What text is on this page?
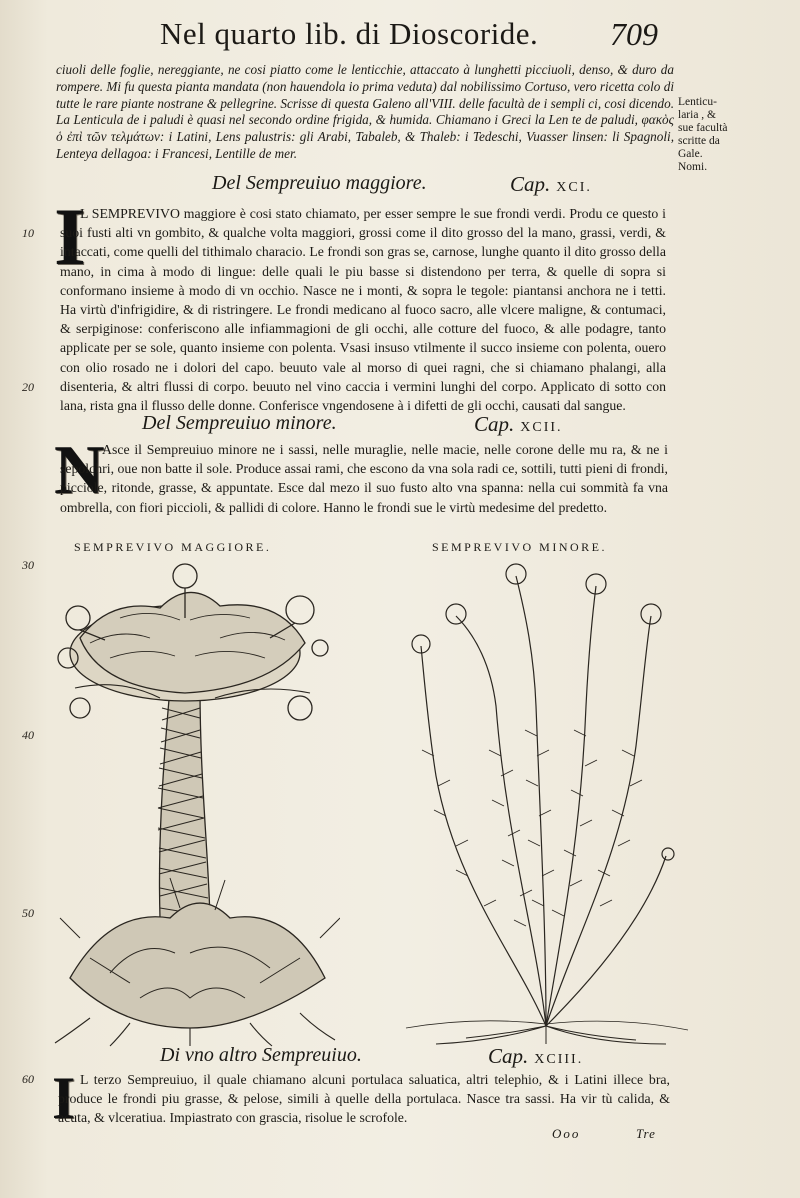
Nel quarto lib. di Dioscoride. 709
ciuoli delle foglie, nereggiante, ne cosi piatto come le lenticchie, attaccato à lunghetti picciuoli, denso, & duro da rompere. Mi fu questa pianta mandata (non hauendola io prima veduta) dal nobilissimo Cortuso, vero ricetta colo di tutte le rare piante nostrane & pellegrine. Scrisse di questa Galeno all'VIII. delle facultà de i sempli ci, cosi dicendo. La Lenticula de i paludi è quasi nel secondo ordine frigida, & humida. Chiamano i Greci la Len te de paludi, φακὸς ὁ ἐπὶ τῶν τελμάτων: i Latini, Lens palustris: gli Arabi, Tabaleb, & Thaleb: i Tedeschi, Vuasser linsen: li Spagnoli, Lenteya dellagoa: i Francesi, Lentille de mer.
Lenticu-
laria , &
sue facultà
scritte da
Gale.
Nomi.
Del Sempreuiuo maggiore.	Cap. XCI.
I
L SEMPREVIVO maggiore è cosi stato chiamato, per esser sempre le sue frondi verdi. Produ ce questo i suoi fusti alti vn gombito, & qualche volta maggiori, grossi come il dito grosso del la mano, grassi, verdi, & intaccati, come quelli del tithimalo characio. Le frondi son gras se, carnose, lunghe quanto il dito grosso della mano, in cima à modo di lingue: delle quali le piu basse si distendono per terra, & quelle di sopra si conformano insieme à modo di vn occhio. Nasce ne i monti, & sopra le tegole: piantansi anchora ne i tetti. Ha virtù d'infrigidire, & di ristringere. Le frondi medicano al fuoco sacro, alle vlcere maligne, & contumaci, & serpiginose: conferiscono alle infiammagioni de gli occhi, alle cotture del fuoco, & alle podagre, tanto applicate per se sole, quanto insieme con polenta. Vsasi insuso vtilmente il succo insieme con polenta, ouero con olio rosado ne i dolori del capo. beuuto vale al morso di quei ragni, che si chiamano phalangi, alla disenteria, & altri flussi di corpo. beuuto nel vino caccia i vermini lunghi del corpo. Applicato di sotto con lana, rista gna il flusso delle donne. Conferisce vngendosene à i difetti de gli occhi, causati dal sangue.
Del Sempreuiuo minore.	Cap. XCII.
N
Asce il Sempreuiuo minore ne i sassi, nelle muraglie, nelle macie, nelle corone delle mu ra, & ne i sepolchri, oue non batte il sole. Produce assai rami, che escono da vna sola radi ce, sottili, tutti pieni di frondi, picciole, ritonde, grasse, & appuntate. Esce dal mezo il suo fusto alto vna spanna: nella cui sommità fa vna ombrella, con fiori piccioli, & pallidi di colore. Hanno le frondi sue le virtù medesime del predetto.
SEMPREVIVO MAGGIORE.	SEMPREVIVO MINORE.
Di vno altro Sempreuiuo.	Cap. XCIII.
I L terzo Sempreuiuo, il quale chiamano alcuni portulaca saluatica, altri telephio, & i Latini illece bra, produce le frondi piu grasse, & pelose, simili à quelle della portulaca. Nasce tra sassi. Ha vir tù calida, & acuta, & vlceratiua. Impiastrato con grascia, risolue le scrofole.
Ooo	Tre
10
20
30
40
50
60
